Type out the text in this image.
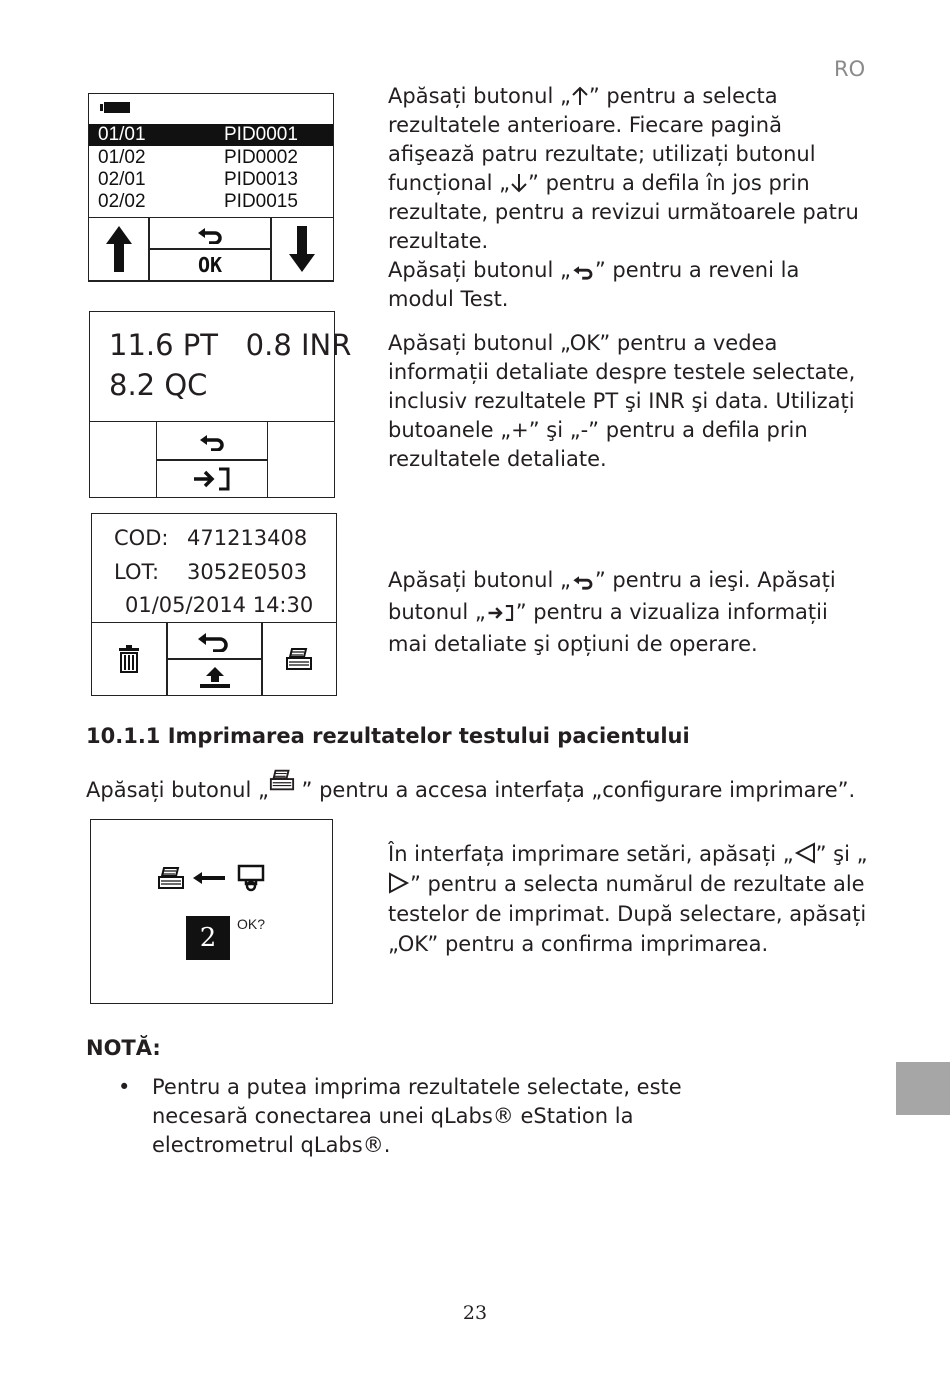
RO
01/01	PID0001
01/02	PID0002
02/01	PID0013
02/02	PID0015
OK

Apăsați butonul „ ” pentru a selecta rezultatele anterioare. Fiecare pagină afişează patru rezultate; utilizați butonul funcțional „ ” pentru a defila în jos prin rezultate, pentru a revizui următoarele patru rezultate.

Apăsați butonul „ ” pentru a reveni la modul Test.

11.6 PT   0.8 INR
8.2 QC

Apăsați butonul „OK” pentru a vedea informații detaliate despre testele selectate, inclusiv rezultatele PT şi INR şi data. Utilizați butoanele „+” şi „-” pentru a defila prin rezultatele detaliate.

COD: 471213408
LOT: 3052E0503
01/05/2014 14:30

Apăsați butonul „ ” pentru a ieşi. Apăsați butonul „ ” pentru a vizualiza informații mai detaliate şi opțiuni de operare.

10.1.1 Imprimarea rezultatelor testului pacientului

Apăsați butonul „ ” pentru a accesa interfața „configurare imprimare”.

2 OK?

În interfața imprimare setări, apăsați „ ” şi „” pentru a selecta numărul de rezultate ale testelor de imprimat. După selectare, apăsați „OK” pentru a confirma imprimarea.

NOTĂ:
• Pentru a putea imprima rezultatele selectate, este necesară conectarea unei qLabs® eStation la electrometrul qLabs®.
23
